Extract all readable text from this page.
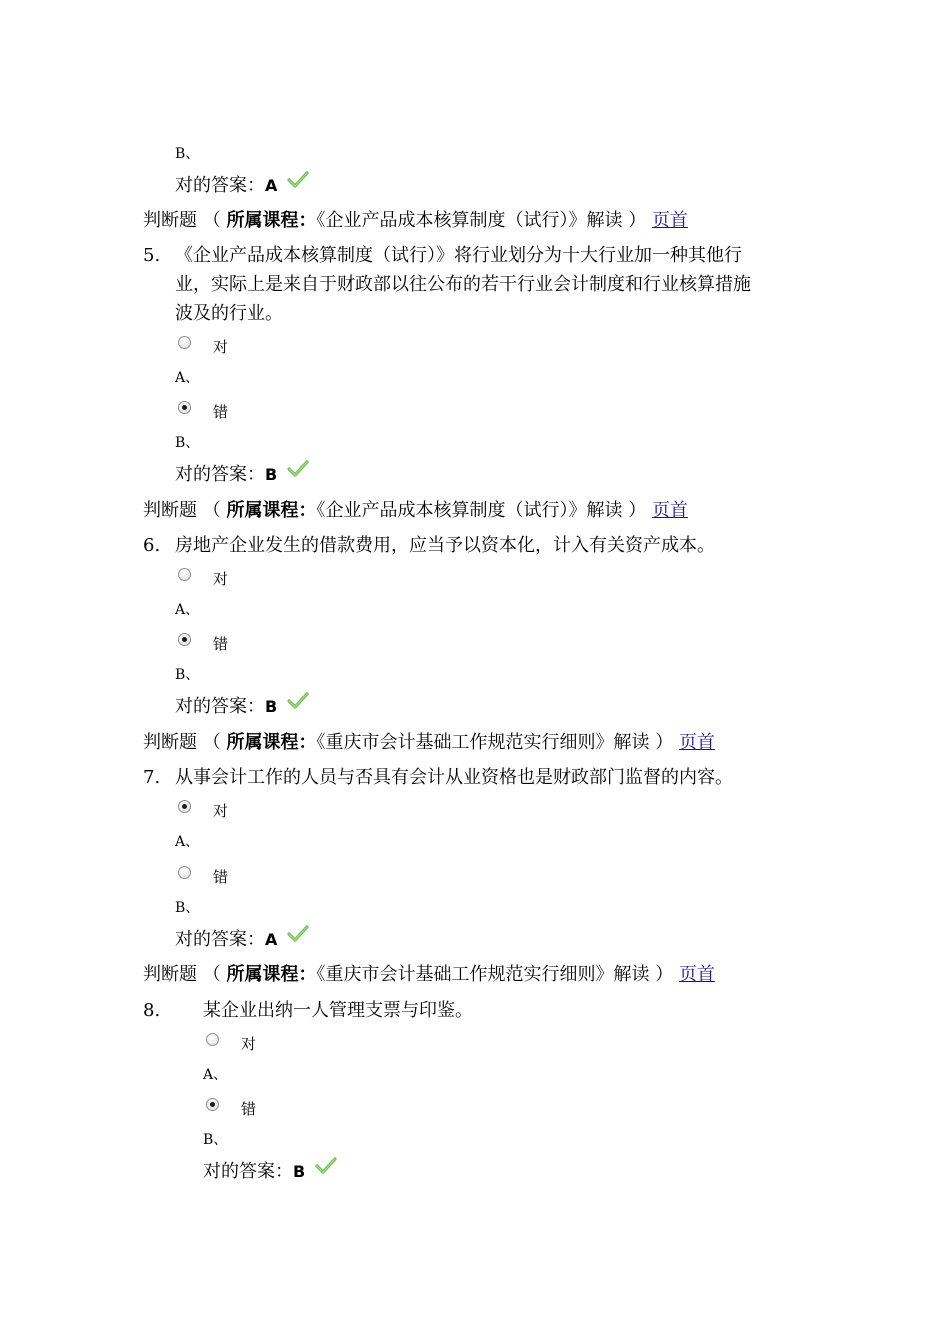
B、
对的答案：A
判断题 （ 所属课程：《企业产品成本核算制度（试行）》解读 ） 页首
5. 《企业产品成本核算制度（试行）》将行业划分为十大行业加一种其他行
业，实际上是来自于财政部以往公布的若干行业会计制度和行业核算措施
波及的行业。
对
A、
错
B、
对的答案：B
判断题 （ 所属课程：《企业产品成本核算制度（试行）》解读 ） 页首
6. 房地产企业发生的借款费用，应当予以资本化，计入有关资产成本。
对
A、
错
B、
对的答案：B
判断题 （ 所属课程：《重庆市会计基础工作规范实行细则》解读 ） 页首
7. 从事会计工作的人员与否具有会计从业资格也是财政部门监督的内容。
对
A、
错
B、
对的答案：A
判断题 （ 所属课程：《重庆市会计基础工作规范实行细则》解读 ） 页首
8. 某企业出纳一人管理支票与印鉴。
对
A、
错
B、
对的答案：B
